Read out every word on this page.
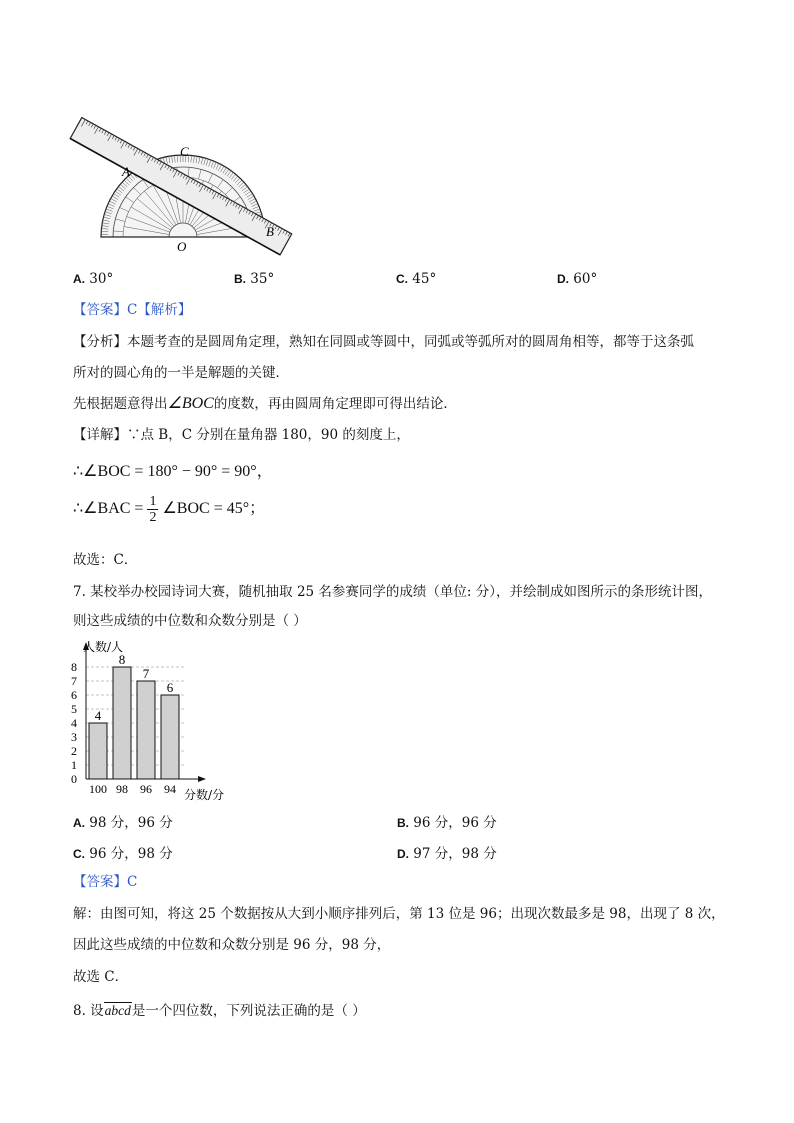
C
A
B
O
A. 30°	B. 35°	C. 45°	D. 60°
【答案】C【解析】
【分析】本题考查的是圆周角定理，熟知在同圆或等圆中，同弧或等弧所对的圆周角相等，都等于这条弧
所对的圆心角的一半是解题的关键．
先根据题意得出∠BOC的度数，再由圆周角定理即可得出结论．
【详解】∵点 B，C 分别在量角器 180，90 的刻度上，
∴∠BOC = 180° − 90° = 90°，
∴∠BAC = $\frac{1}{2}$ ∠BOC = 45°；
故选：C．
7. 某校举办校园诗词大赛，随机抽取 25 名参赛同学的成绩（单位: 分），并绘制成如图所示的条形统计图，
则这些成绩的中位数和众数分别是（ ）
0
1
2
3
4
5
6
7
8
4
100
8
98
7
96
6
94
人数/人
分数/分
A. 98 分，96 分	B. 96 分，96 分
C. 96 分，98 分	D. 97 分，98 分
【答案】C
解：由图可知，将这 25 个数据按从大到小顺序排列后，第 13 位是 96；出现次数最多是 98，出现了 8 次，
因此这些成绩的中位数和众数分别是 96 分，98 分，
故选 C．
8. 设abcd是一个四位数，下列说法正确的是（ ）
